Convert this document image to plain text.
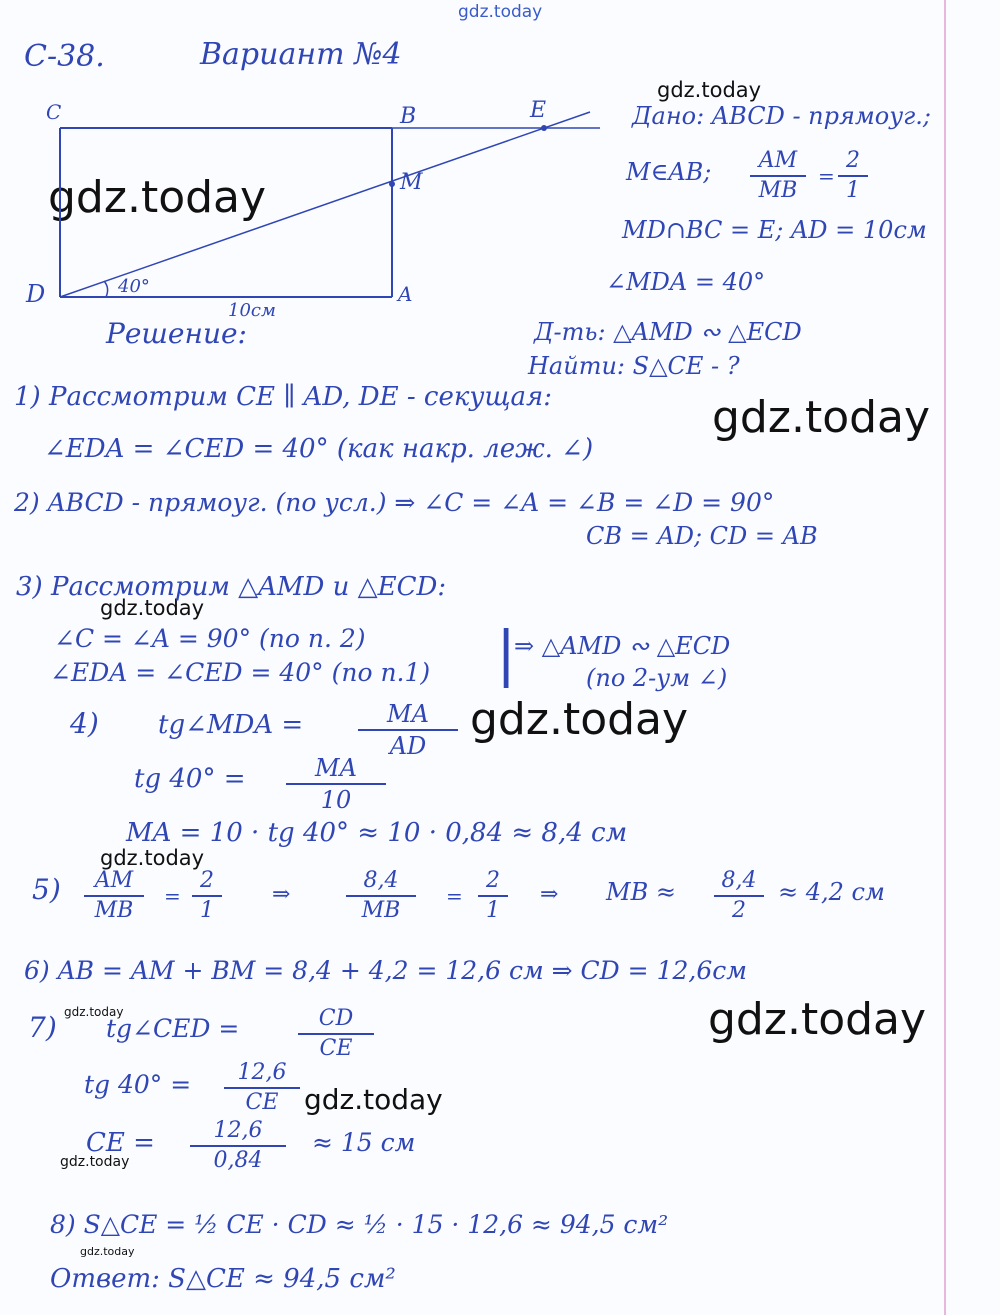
gdz.today
gdz.today
gdz.today
gdz.today
gdz.today
gdz.today
gdz.today
gdz.today
gdz.today
gdz.today
gdz.today
gdz.today
C-38.	Вариант №4
C	B	E
M
D	A
40°
10см
Дано: ABCD - прямоуг.;
M∈AB;	AM
MB
=
2
1
MD∩BC = E; AD = 10см
∠MDA = 40°
Д-ть: △AMD ∾ △ECD
Найти: S△CE - ?
Решение:
1) Рассмотрим CE ∥ AD, DE - секущая:
∠EDA = ∠CED = 40° (как накр. леж. ∠)
2) ABCD - прямоуг. (по усл.) ⇒ ∠C = ∠A = ∠B = ∠D = 90°
CB = AD; CD = AB
3) Рассмотрим △AMD и △ECD:
∠C = ∠A = 90° (по п. 2)
∠EDA = ∠CED = 40° (по п.1) |
⇒ △AMD ∾ △ECD
(по 2-ум ∠)
4) tg∠MDA =	MA
AD
tg 40° =	MA
10
MA = 10 · tg 40° ≈ 10 · 0,84 ≈ 8,4 см
5)	AM
MB
=
2
1
⇒
8,4
MB
=
2
1
⇒ MB ≈	8,4
2
≈ 4,2 см
6) AB = AM + BM = 8,4 + 4,2 = 12,6 см ⇒ CD = 12,6см
7) tg∠CED =	CD
CE
tg 40° =	12,6
CE
CE =	12,6
0,84
≈ 15 см
8) S△CE = ½ CE · CD ≈ ½ · 15 · 12,6 ≈ 94,5 см²
Ответ: S△CE ≈ 94,5 см²
